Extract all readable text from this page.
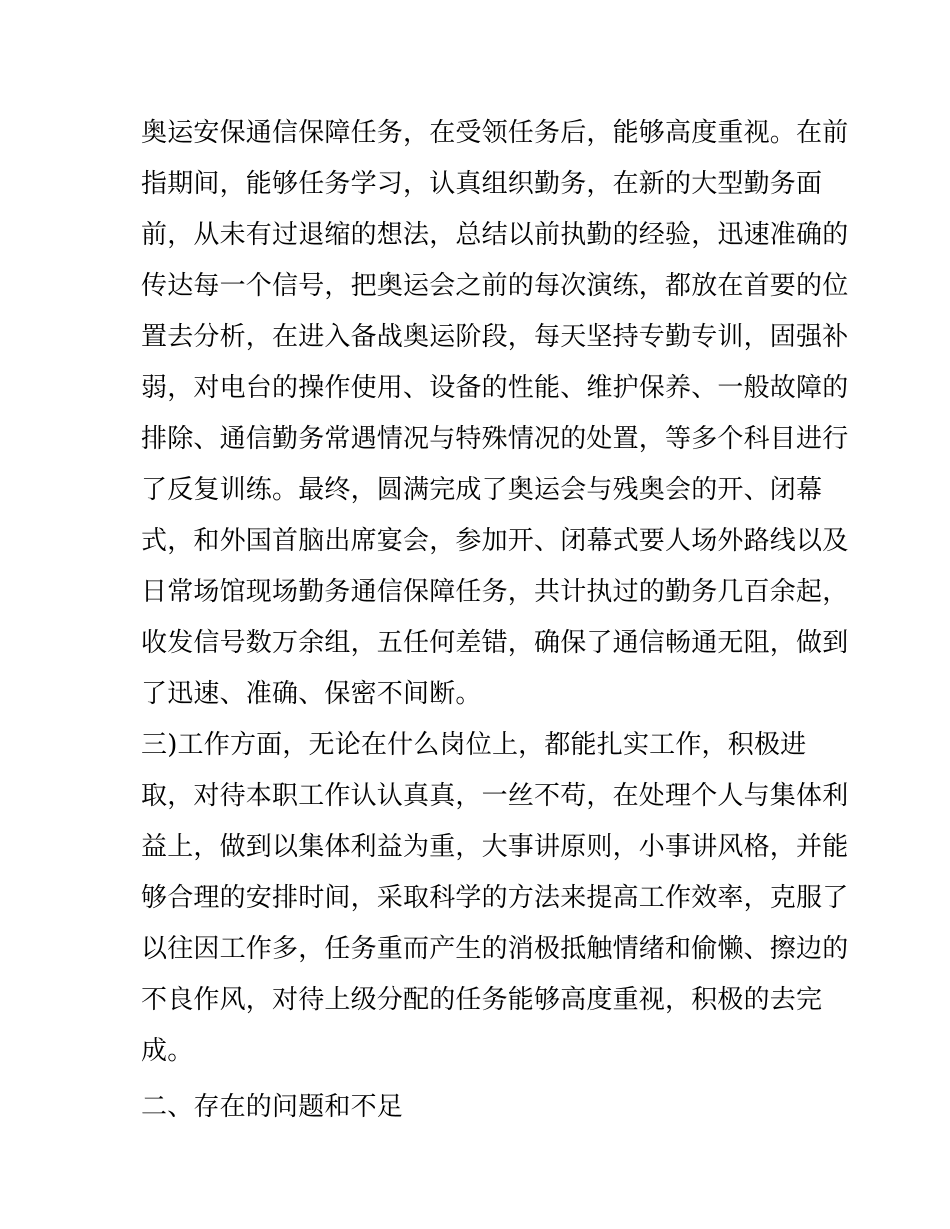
奥运安保通信保障任务，在受领任务后，能够高度重视。在前
指期间，能够任务学习，认真组织勤务，在新的大型勤务面
前，从未有过退缩的想法，总结以前执勤的经验，迅速准确的
传达每一个信号，把奥运会之前的每次演练，都放在首要的位
置去分析，在进入备战奥运阶段，每天坚持专勤专训，固强补
弱，对电台的操作使用、设备的性能、维护保养、一般故障的
排除、通信勤务常遇情况与特殊情况的处置，等多个科目进行
了反复训练。最终，圆满完成了奥运会与残奥会的开、闭幕
式，和外国首脑出席宴会，参加开、闭幕式要人场外路线以及
日常场馆现场勤务通信保障任务，共计执过的勤务几百余起，
收发信号数万余组，五任何差错，确保了通信畅通无阻，做到
了迅速、准确、保密不间断。
三)工作方面，无论在什么岗位上，都能扎实工作，积极进
取，对待本职工作认认真真，一丝不苟，在处理个人与集体利
益上，做到以集体利益为重，大事讲原则，小事讲风格，并能
够合理的安排时间，采取科学的方法来提高工作效率，克服了
以往因工作多，任务重而产生的消极抵触情绪和偷懒、擦边的
不良作风，对待上级分配的任务能够高度重视，积极的去完
成。
二、存在的问题和不足
